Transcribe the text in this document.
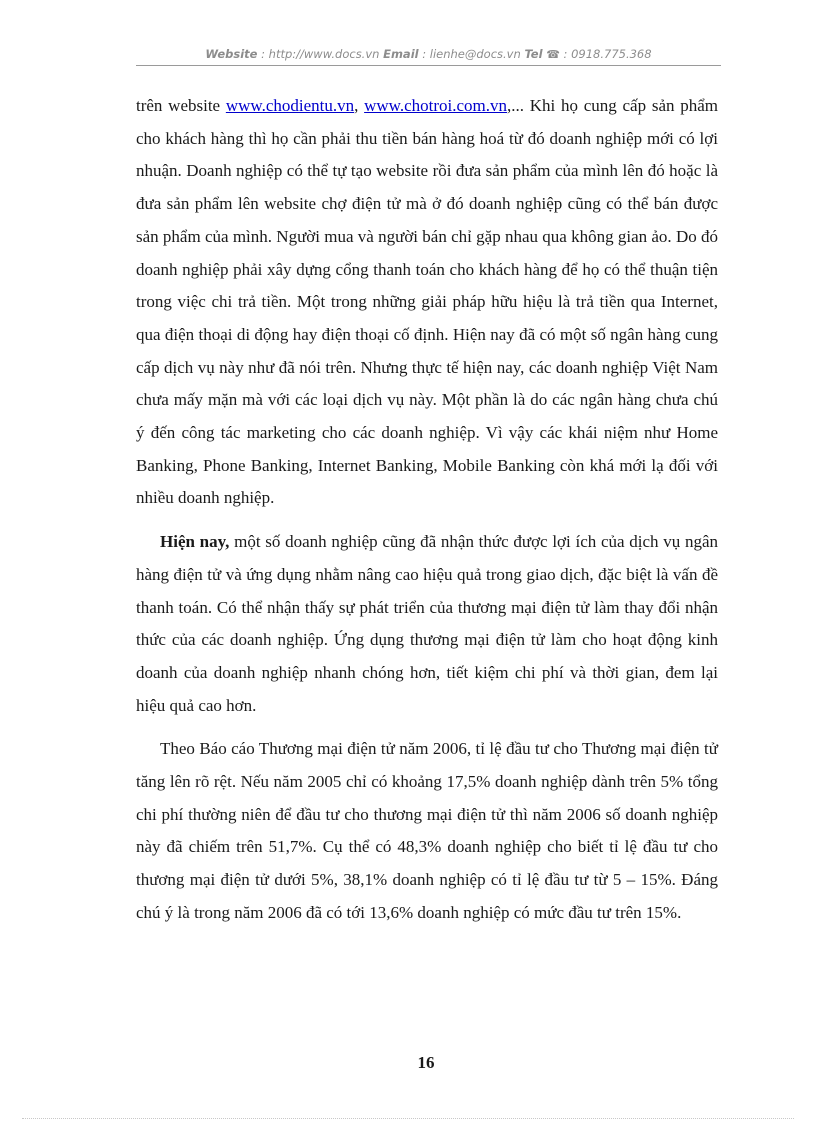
Website : http://www.docs.vn Email : lienhe@docs.vn Tel ☎ : 0918.775.368

trên website www.chodientu.vn, www.chotroi.com.vn,... Khi họ cung cấp sản phẩm cho khách hàng thì họ cần phải thu tiền bán hàng hoá từ đó doanh nghiệp mới có lợi nhuận. Doanh nghiệp có thể tự tạo website rồi đưa sản phẩm của mình lên đó hoặc là đưa sản phẩm lên website chợ điện tử mà ở đó doanh nghiệp cũng có thể bán được sản phẩm của mình. Người mua và người bán chỉ gặp nhau qua không gian ảo. Do đó doanh nghiệp phải xây dựng cổng thanh toán cho khách hàng để họ có thể thuận tiện trong việc chi trả tiền. Một trong những giải pháp hữu hiệu là trả tiền qua Internet, qua điện thoại di động hay điện thoại cố định. Hiện nay đã có một số ngân hàng cung cấp dịch vụ này như đã nói trên. Nhưng thực tế hiện nay, các doanh nghiệp Việt Nam chưa mấy mặn mà với các loại dịch vụ này. Một phần là do các ngân hàng chưa chú ý đến công tác marketing cho các doanh nghiệp. Vì vậy các khái niệm như Home Banking, Phone Banking, Internet Banking, Mobile Banking còn khá mới lạ đối với nhiều doanh nghiệp.

Hiện nay, một số doanh nghiệp cũng đã nhận thức được lợi ích của dịch vụ ngân hàng điện tử và ứng dụng nhằm nâng cao hiệu quả trong giao dịch, đặc biệt là vấn đề thanh toán. Có thể nhận thấy sự phát triển của thương mại điện tử làm thay đổi nhận thức của các doanh nghiệp. Ứng dụng thương mại điện tử làm cho hoạt động kinh doanh của doanh nghiệp nhanh chóng hơn, tiết kiệm chi phí và thời gian, đem lại hiệu quả cao hơn.

Theo Báo cáo Thương mại điện tử năm 2006, tỉ lệ đầu tư cho Thương mại điện tử tăng lên rõ rệt. Nếu năm 2005 chỉ có khoảng 17,5% doanh nghiệp dành trên 5% tổng chi phí thường niên để đầu tư cho thương mại điện tử thì năm 2006 số doanh nghiệp này đã chiếm trên 51,7%. Cụ thể có 48,3% doanh nghiệp cho biết tỉ lệ đầu tư cho thương mại điện tử dưới 5%, 38,1% doanh nghiệp có tỉ lệ đầu tư từ 5 – 15%. Đáng chú ý là trong năm 2006 đã có tới 13,6% doanh nghiệp có mức đầu tư trên 15%.

16
